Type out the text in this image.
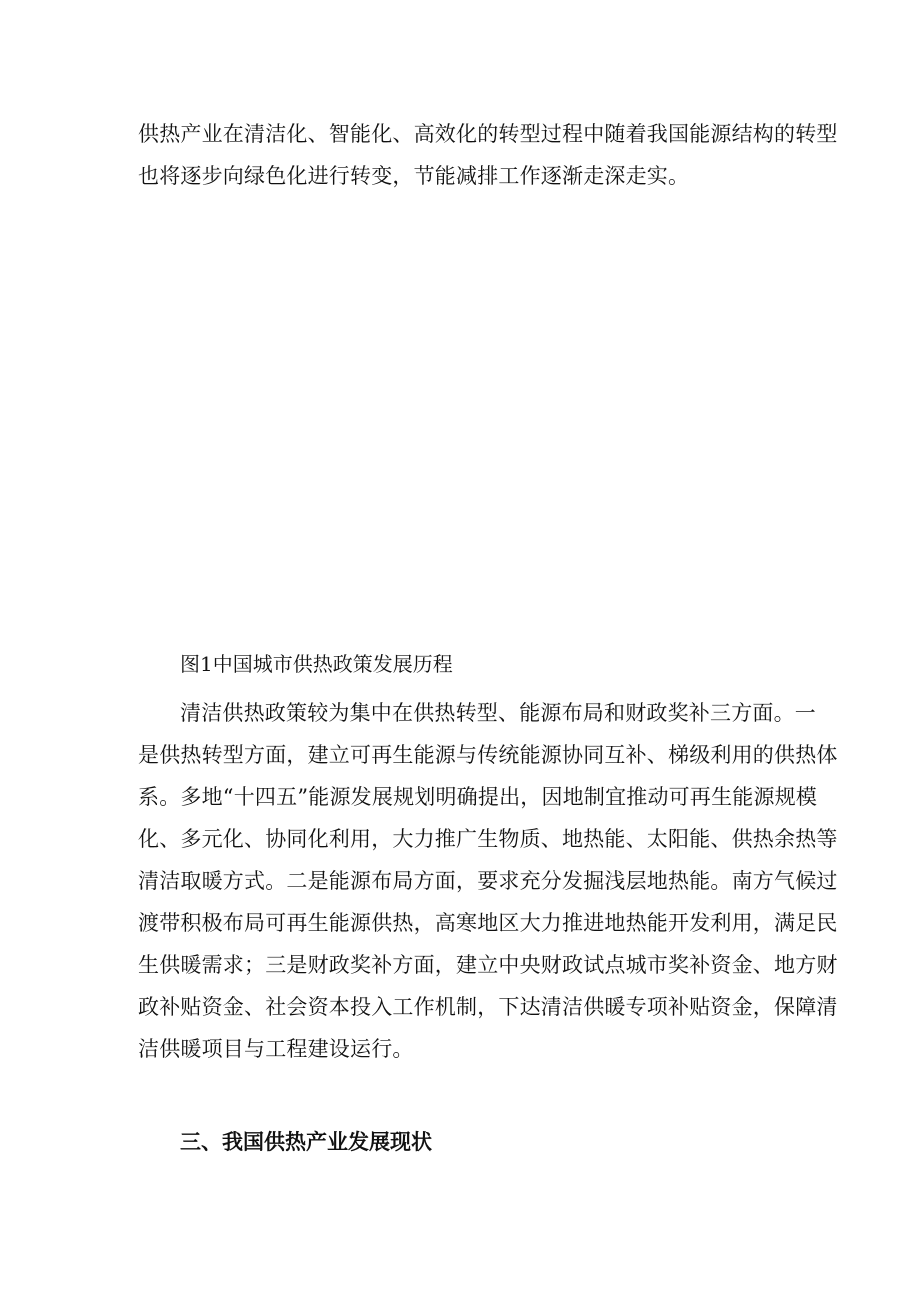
供热产业在清洁化、智能化、高效化的转型过程中随着我国能源结构的转型
也将逐步向绿色化进行转变，节能减排工作逐渐走深走实。

图1中国城市供热政策发展历程

清洁供热政策较为集中在供热转型、能源布局和财政奖补三方面。一
是供热转型方面，建立可再生能源与传统能源协同互补、梯级利用的供热体
系。多地“十四五”能源发展规划明确提出，因地制宜推动可再生能源规模
化、多元化、协同化利用，大力推广生物质、地热能、太阳能、供热余热等
清洁取暖方式。二是能源布局方面，要求充分发掘浅层地热能。南方气候过
渡带积极布局可再生能源供热，高寒地区大力推进地热能开发利用，满足民
生供暖需求；三是财政奖补方面，建立中央财政试点城市奖补资金、地方财
政补贴资金、社会资本投入工作机制，下达清洁供暖专项补贴资金，保障清
洁供暖项目与工程建设运行。

三、我国供热产业发展现状
